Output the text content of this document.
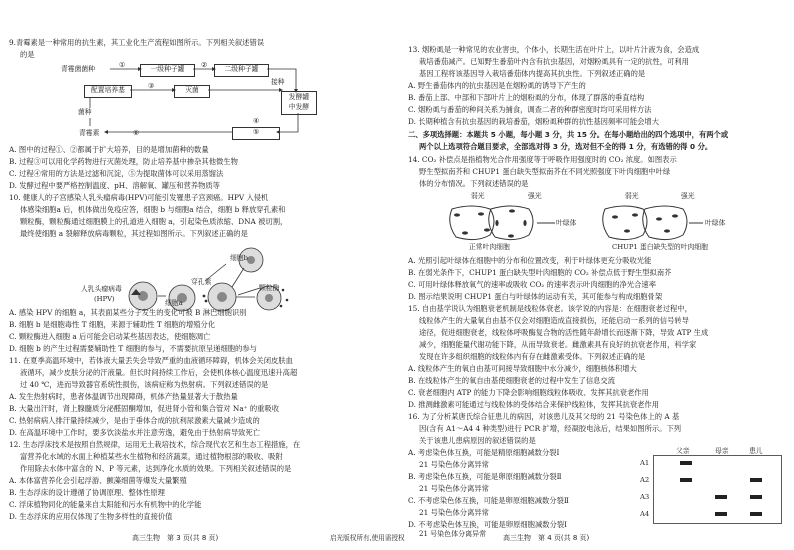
9.青霉素是一种常用的抗生素，其工业化生产流程如图所示。下列相关叙述错误
的是
青霉菌菌种	①	一级种子罐	②	二级种子罐
接种
配置培养基	③	灭菌
发酵罐
中发酵
菌种
④
⑤
青霉素	⑥
A. 图中的过程①、②都属于扩大培养，目的是增加菌种的数量
B. 过程③可以用化学药物进行灭菌处理，防止培养基中掺杂其他微生物
C. 过程④常用的方法是过滤和沉淀，⑤为提取菌体可以采用蒸馏法
D. 发酵过程中要严格控制温度、pH、溶解氧、罐压和营养物质等
10. 健康人的子宫感染人乳头瘤病毒(HPV)可能引发罹患子宫颈癌。HPV 入侵机
体感染细胞a 后，机体做出免疫应答，细胞 b 与细胞a 结合，细胞 b 释放穿孔素和
颗粒酶，颗粒酶通过细胞膜上的孔道进入细胞 a，引起染色质浓缩、DNA 被切割，
最终使细胞 a 裂解释放病毒颗粒，其过程如图所示。下列叙述正确的是
细胞b
穿孔素
颗粒酶
细胞a
人乳头瘤病毒
(HPV)
A. 感染 HPV 的细胞 a，其表面某些分子发生的变化可被 B 淋巴细胞识别
B. 细胞 b 是细胞毒性 T 细胞，来源于辅助性 T 细胞的增殖分化
C. 颗粒酶进入细胞 a 后可能会启动某些基因表达，使细胞凋亡
D. 细胞 b 的产生过程需要辅助性 T 细胞的参与，不需要抗原呈递细胞的参与
11. 在夏季高温环境中，若体液大量丢失会导致严重的血液循环障碍，机体会关闭皮肤血
液循环，减少皮肤分泌的汗液量。但长时间持续工作后，会使机体核心温度迅速升高超
过 40 ℃，进而导致器官系统性损伤，该病症称为热射病。下列叙述错误的是
A. 发生热射病时，患者体温调节出现障碍，机体产热量显著大于散热量
B. 大量出汗时，肾上腺髓质分泌醛固酮增加，促进肾小管和集合管对 Na⁺ 的重吸收
C. 热射病病人排汗量持续减少，是由于垂体合成的抗利尿激素大量减少造成的
D. 在高温环境中工作时，要多饮淡盐水并注意劳逸，避免由于热射病导致死亡
12. 生态浮床技术是按照自然规律，运用无土栽培技术，综合现代农艺和生态工程措施，在
富营养化水域的水面上种植某些水生植物和经济蔬菜，通过植物根部的吸收、吸附
作用除去水体中富含的 N、P 等元素，达到净化水质的效果。下列相关叙述错误的是
A. 本体富营养化会引起浮游、颤藻细菌等爆发大量繁殖
B. 生态浮床的设计遵循了协调原理、整体性原理
C. 浮床植物同化的能量来自太阳能和污水有机物中的化学能
D. 生态浮床的应用仅体现了生物多样性的直接价值
高三生物　第 3 页(共 8 页)	启光版权所有,使用需授权
13. 烟粉虱是一种常见的农业害虫，个体小，长期生活在叶片上，以叶片汁液为食，会造成
栽培番茄减产。已知野生番茄叶内含有抗虫基因，对烟粉虱具有一定的抗性，可利用
基因工程将该基因导入栽培番茄体内提高其抗虫性。下列叙述正确的是
A. 野生番茄体内的抗虫基因是在烟粉虱的诱导下产生的
B. 番茄上部、中部和下部叶片上的烟粉虱的分布，体现了群落的垂直结构
C. 烟粉虱与番茄的种间关系为捕食，调查二者的种群密度时均可采用样方法
D. 长期种植含有抗虫基因的栽培番茄，烟粉虱种群的抗性基因频率可能会增大
二、多项选择题：本题共 5 小题，每小题 3 分，共 15 分。在每小题给出的四个选项中，有两个或
两个以上选项符合题目要求，全部选对得 3 分，选对但不全的得 1 分，有选错的得 0 分。
14. CO₂ 补偿点是指植物光合作用强度等于呼吸作用强度时的 CO₂ 浓度。如图表示
野生型拟南芥和 CHUP1 蛋白缺失型拟南芥在不同光照强度下叶肉细胞中叶绿
体的分布情况。下列叙述错误的是
弱光	强光	弱光	强光
叶绿体	叶绿体
正常叶肉细胞	CHUP1 蛋白缺失型的叶肉细胞
A. 光照引起叶绿体在细胞中的分布和位置改变，利于叶绿体更充分吸收光能
B. 在弱光条件下，CHUP1 蛋白缺失型叶肉细胞的 CO₂ 补偿点低于野生型拟南芥
C. 可用叶绿体释放氧气的速率或吸收 CO₂ 的速率表示叶肉细胞的净光合速率
D. 图示结果说明 CHUP1 蛋白与叶绿体的运动有关，其可能参与构成细胞骨架
15. 自由基学说认为细胞衰老机制是线粒体衰老。该学说的内容是：在细胞衰老过程中，
线粒体产生的大量氧自由基不仅会对细胞造成直接损伤，还能启动一系列的信号转导
途径，促进细胞衰老，线粒体呼吸酶复合物的活性随年龄增长而逐渐下降，导致 ATP 生成
减少，细胞能量代谢功能下降，从而导致衰老。雌激素具有良好的抗衰老作用，科学家
发现在许多组织细胞的线粒体内有存在雌激素受体。下列叙述正确的是
A. 线粒体产生的氧自由基可间接导致细胞中水分减少，细胞核体积增大
B. 在线粒体产生的氧自由基使细胞衰老的过程中发生了信息交流
C. 衰老细胞内 ATP 的能力下降会影响细胞线粒体吸收、发挥其抗衰老作用
D. 推测雌激素可能通过与线粒体的受体结合来保护线粒体，发挥其抗衰老作用
16. 为了分析某唐氏综合征患儿的病因，对该患儿及其父母的 21 号染色体上的 A 基
因(含有 A1～A4 4 种类型)进行 PCR 扩增，经凝胶电泳后，结果如图所示。下列
关于该患儿患病原因的叙述错误的是
A. 考虑染色体互换，可能是精原细胞减数分裂Ⅰ
21 号染色体分离异常
B. 考虑染色体互换，可能是卵原细胞减数分裂Ⅱ
21 号染色体分离异常
C. 不考虑染色体互换，可能是卵原细胞减数分裂Ⅱ
21 号染色体分离异常
D. 不考虑染色体互换，可能是卵原细胞减数分裂Ⅰ
21 号染色体分离异常
父亲	母亲	患儿
A1
A2
A3
A4
高三生物　第 4 页(共 8 页)
